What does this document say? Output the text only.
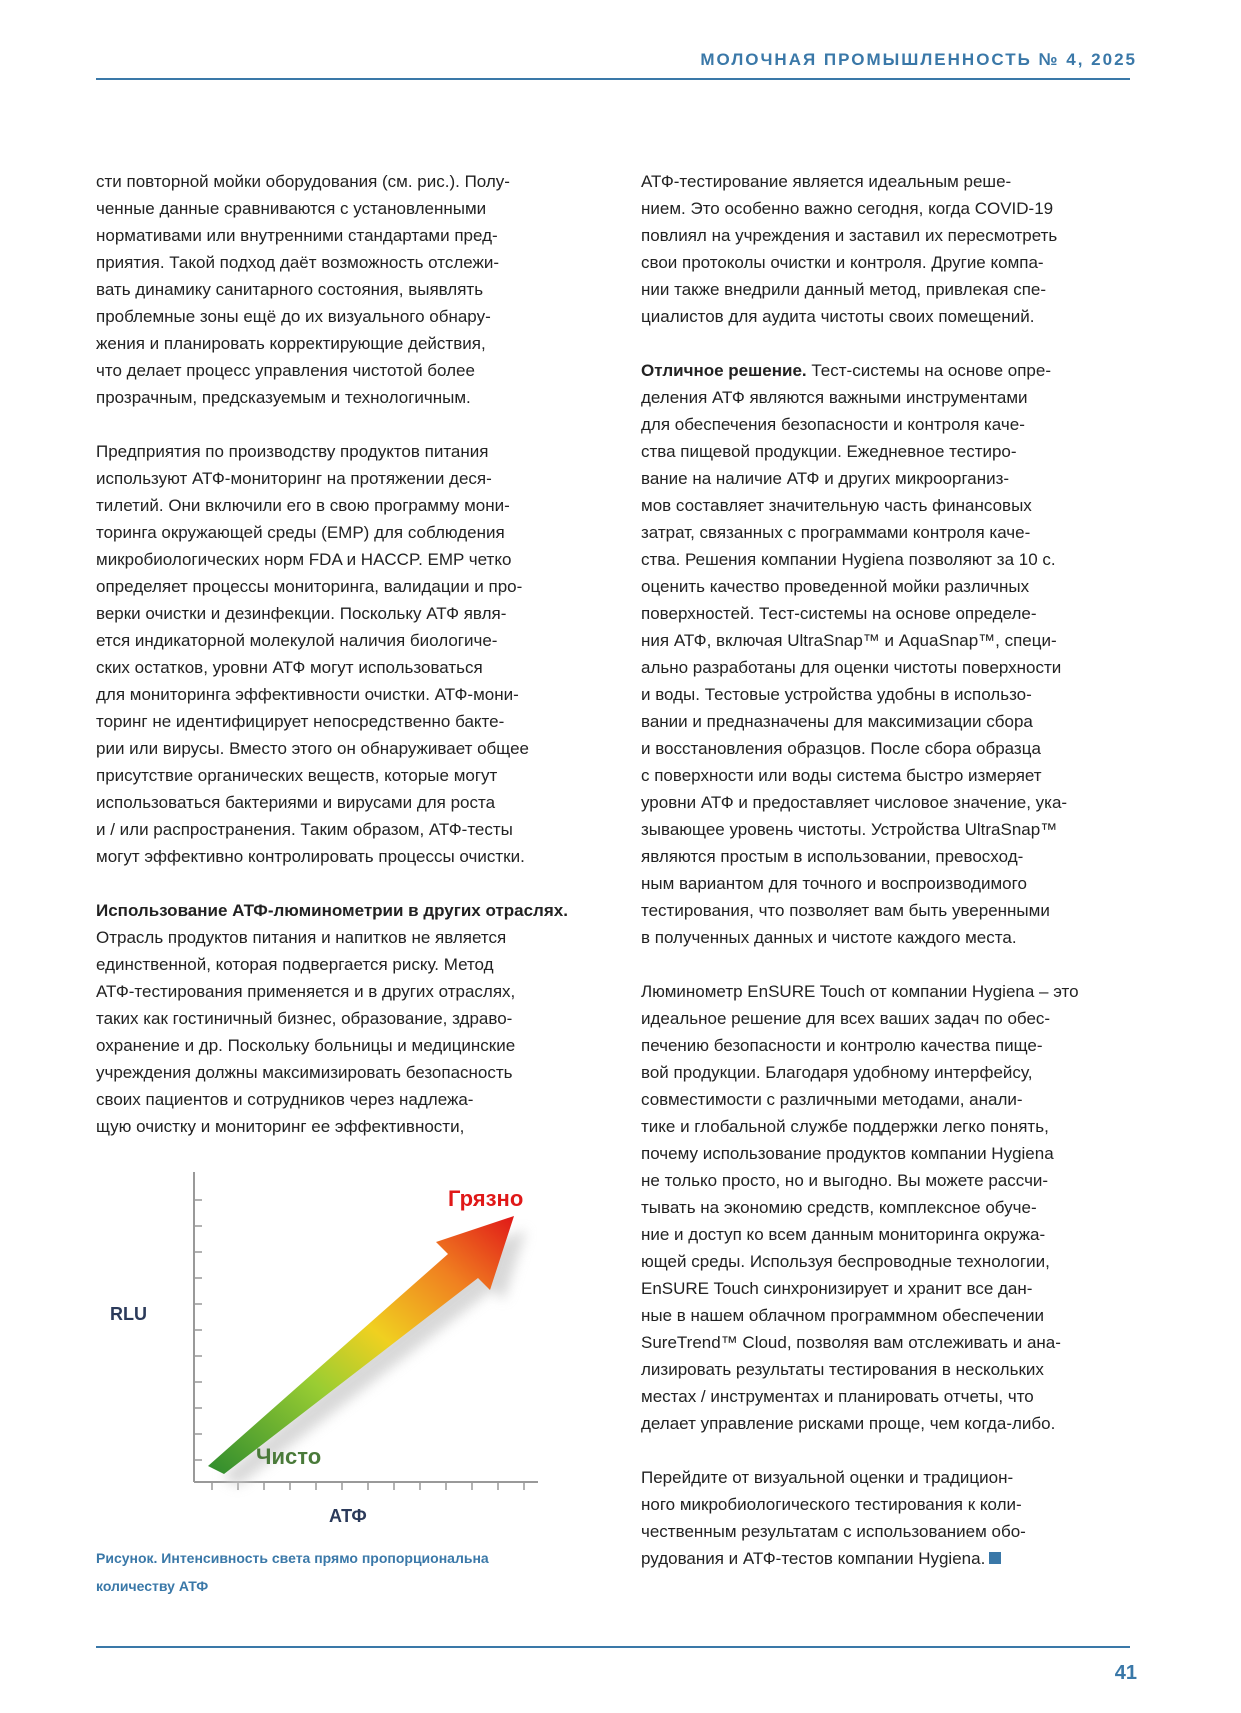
МОЛОЧНАЯ ПРОМЫШЛЕННОСТЬ № 4, 2025

сти повторной мойки оборудования (см. рис.). Полу-
ченные данные сравниваются с установленными
нормативами или внутренними стандартами пред-
приятия. Такой подход даёт возможность отслежи-
вать динамику санитарного состояния, выявлять
проблемные зоны ещё до их визуального обнару-
жения и планировать корректирующие действия,
что делает процесс управления чистотой более
прозрачным, предсказуемым и технологичным.

Предприятия по производству продуктов питания
используют АТФ-мониторинг на протяжении деся-
тилетий. Они включили его в свою программу мони-
торинга окружающей среды (EMP) для соблюдения
микробиологических норм FDA и HACCP. EMP четко
определяет процессы мониторинга, валидации и про-
верки очистки и дезинфекции. Поскольку АТФ явля-
ется индикаторной молекулой наличия биологиче-
ских остатков, уровни АТФ могут использоваться
для мониторинга эффективности очистки. АТФ-мони-
торинг не идентифицирует непосредственно бакте-
рии или вирусы. Вместо этого он обнаруживает общее
присутствие органических веществ, которые могут
использоваться бактериями и вирусами для роста
и / или распространения. Таким образом, АТФ-тесты
могут эффективно контролировать процессы очистки.

Использование АТФ-люминометрии в других отраслях.
Отрасль продуктов питания и напитков не является
единственной, которая подвергается риску. Метод
АТФ-тестирования применяется и в других отраслях,
таких как гостиничный бизнес, образование, здраво-
охранение и др. Поскольку больницы и медицинские
учреждения должны максимизировать безопасность
своих пациентов и сотрудников через надлежа-
щую очистку и мониторинг ее эффективности,

RLU
АТФ
Грязно
Чисто
Рисунок. Интенсивность света прямо пропорциональна
количеству АТФ

АТФ-тестирование является идеальным реше-
нием. Это особенно важно сегодня, когда COVID-19
повлиял на учреждения и заставил их пересмотреть
свои протоколы очистки и контроля. Другие компа-
нии также внедрили данный метод, привлекая спе-
циалистов для аудита чистоты своих помещений.

Отличное решение. Тест-системы на основе опре-
деления АТФ являются важными инструментами
для обеспечения безопасности и контроля каче-
ства пищевой продукции. Ежедневное тестиро-
вание на наличие АТФ и других микроорганиз-
мов составляет значительную часть финансовых
затрат, связанных с программами контроля каче-
ства. Решения компании Hygiena позволяют за 10 с.
оценить качество проведенной мойки различных
поверхностей. Тест-системы на основе определе-
ния АТФ, включая UltraSnap™ и AquaSnap™, специ-
ально разработаны для оценки чистоты поверхности
и воды. Тестовые устройства удобны в использо-
вании и предназначены для максимизации сбора
и восстановления образцов. После сбора образца
с поверхности или воды система быстро измеряет
уровни АТФ и предоставляет числовое значение, ука-
зывающее уровень чистоты. Устройства UltraSnap™
являются простым в использовании, превосход-
ным вариантом для точного и воспроизводимого
тестирования, что позволяет вам быть уверенными
в полученных данных и чистоте каждого места.

Люминометр EnSURE Touch от компании Hygiena – это
идеальное решение для всех ваших задач по обес-
печению безопасности и контролю качества пище-
вой продукции. Благодаря удобному интерфейсу,
совместимости с различными методами, анали-
тике и глобальной службе поддержки легко понять,
почему использование продуктов компании Hygiena
не только просто, но и выгодно. Вы можете рассчи-
тывать на экономию средств, комплексное обуче-
ние и доступ ко всем данным мониторинга окружа-
ющей среды. Используя беспроводные технологии,
EnSURE Touch синхронизирует и хранит все дан-
ные в нашем облачном программном обеспечении
SureTrend™ Cloud, позволяя вам отслеживать и ана-
лизировать результаты тестирования в нескольких
местах / инструментах и планировать отчеты, что
делает управление рисками проще, чем когда-либо.

Перейдите от визуальной оценки и традицион-
ного микробиологического тестирования к коли-
чественным результатам с использованием обо-
рудования и АТФ-тестов компании Hygiena.

41
